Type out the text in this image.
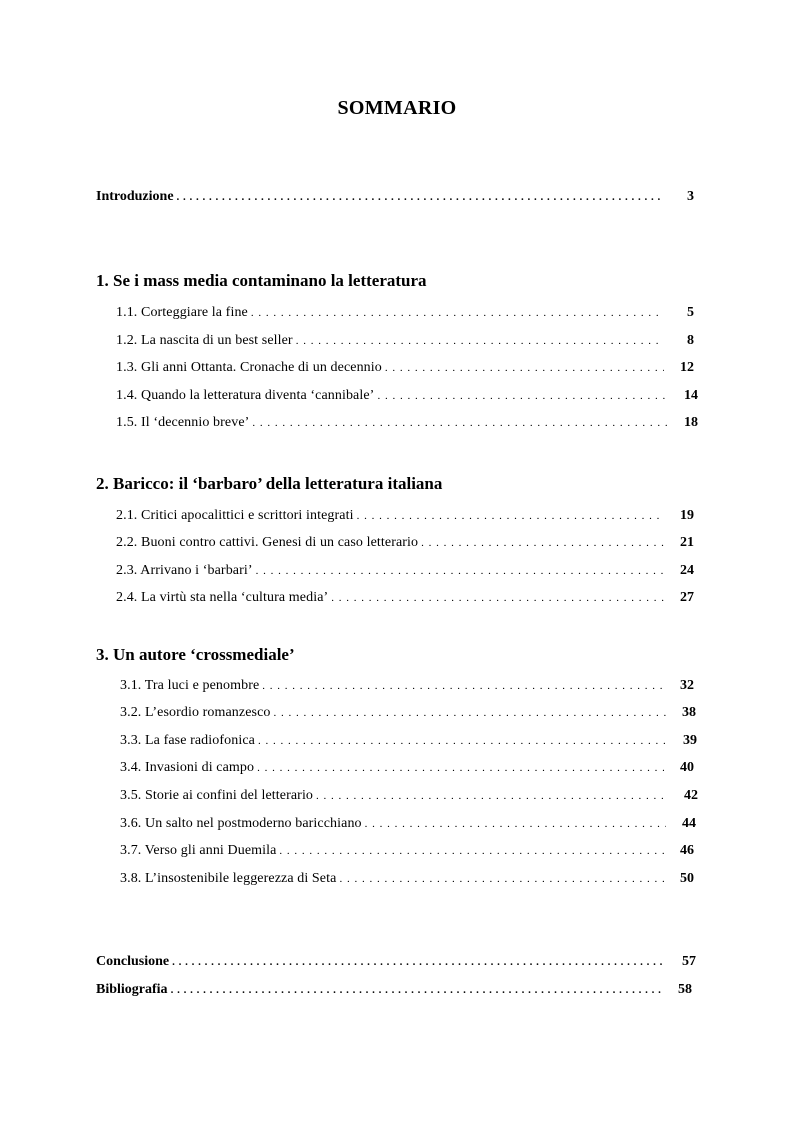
SOMMARIO
Introduzione . . .	3
1. Se i mass media contaminano la letteratura
1.1. Corteggiare la fine . . .	5
1.2. La nascita di un best seller . . .	8
1.3. Gli anni Ottanta. Cronache di un decennio . . .	12
1.4. Quando la letteratura diventa ‘cannibale’ . . .	14
1.5. Il ‘decennio breve’ . . .	18
2. Baricco: il ‘barbaro’ della letteratura italiana
2.1. Critici apocalittici e scrittori integrati . . .	19
2.2. Buoni contro cattivi. Genesi di un caso letterario . . .	21
2.3. Arrivano i ‘barbari’ . . .	24
2.4. La virtù sta nella ‘cultura media’ . . .	27
3. Un autore ‘crossmediale’
3.1. Tra luci e penombre . . .	32
3.2. L’esordio romanzesco . . .	38
3.3. La fase radiofonica . . .	39
3.4. Invasioni di campo . . .	40
3.5. Storie ai confini del letterario . . .	42
3.6. Un salto nel postmoderno baricchiano . . .	44
3.7. Verso gli anni Duemila . . .	46
3.8. L’insostenibile leggerezza di Seta . . .	50
Conclusione . . .	57
Bibliografia . . .	58
